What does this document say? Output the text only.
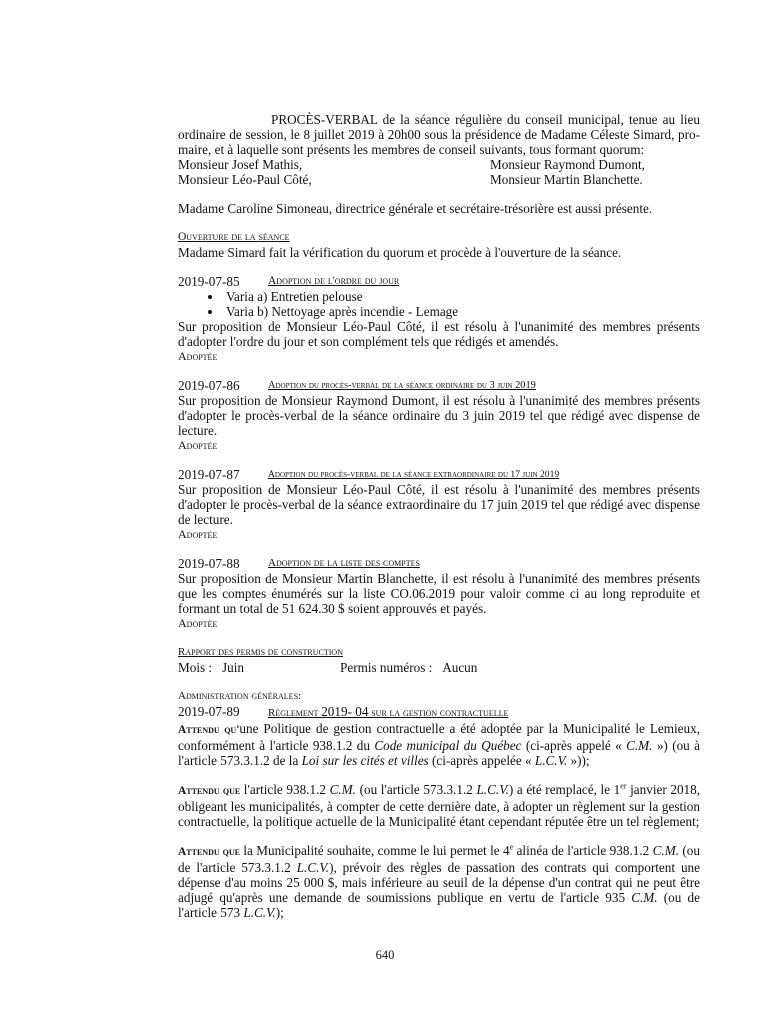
PROCÈS-VERBAL de la séance régulière du conseil municipal, tenue au lieu ordinaire de session, le 8 juillet 2019 à 20h00 sous la présidence de Madame Céleste Simard, pro-maire, et à laquelle sont présents les membres de conseil suivants, tous formant quorum:

Monsieur Josef Mathis,	Monsieur Raymond Dumont,
Monsieur Léo-Paul Côté,	Monsieur Martin Blanchette.

Madame Caroline Simoneau, directrice générale et secrétaire-trésorière est aussi présente.

Ouverture de la séance

Madame Simard fait la vérification du quorum et procède à l'ouverture de la séance.

2019-07-85	Adoption de l'ordre du jour
• Varia a) Entretien pelouse
• Varia b) Nettoyage après incendie - Lemage

Sur proposition de Monsieur Léo-Paul Côté, il est résolu à l'unanimité des membres présents d'adopter l'ordre du jour et son complément tels que rédigés et amendés.

Adoptée

2019-07-86	Adoption du procès-verbal de la séance ordinaire du 3 juin 2019

Sur proposition de Monsieur Raymond Dumont, il est résolu à l'unanimité des membres présents d'adopter le procès-verbal de la séance ordinaire du 3 juin 2019 tel que rédigé avec dispense de lecture.

Adoptée

2019-07-87	Adoption du procès-verbal de la séance extraordinaire du 17 juin 2019

Sur proposition de Monsieur Léo-Paul Côté, il est résolu à l'unanimité des membres présents d'adopter le procès-verbal de la séance extraordinaire du 17 juin 2019 tel que rédigé avec dispense de lecture.

Adoptée

2019-07-88	Adoption de la liste des comptes

Sur proposition de Monsieur Martin Blanchette, il est résolu à l'unanimité des membres présents que les comptes énumérés sur la liste CO.06.2019 pour valoir comme ci au long reproduite et formant un total de 51 624.30 $ soient approuvés et payés.

Adoptée

Rapport des permis de construction

Mois : Juin	Permis numéros : Aucun

Administration générales:

2019-07-89	Règlement 2019- 04 sur la gestion contractuelle

Attendu qu'une Politique de gestion contractuelle a été adoptée par la Municipalité le Lemieux, conformément à l'article 938.1.2 du Code municipal du Québec (ci-après appelé « C.M. ») (ou à l'article 573.3.1.2 de la Loi sur les cités et villes (ci-après appelée « L.C.V. »));

Attendu que l'article 938.1.2 C.M. (ou l'article 573.3.1.2 L.C.V.) a été remplacé, le 1er janvier 2018, obligeant les municipalités, à compter de cette dernière date, à adopter un règlement sur la gestion contractuelle, la politique actuelle de la Municipalité étant cependant réputée être un tel règlement;

Attendu que la Municipalité souhaite, comme le lui permet le 4e alinéa de l'article 938.1.2 C.M. (ou de l'article 573.3.1.2 L.C.V.), prévoir des règles de passation des contrats qui comportent une dépense d'au moins 25 000 $, mais inférieure au seuil de la dépense d'un contrat qui ne peut être adjugé qu'après une demande de soumissions publique en vertu de l'article 935 C.M. (ou de l'article 573 L.C.V.);

640
